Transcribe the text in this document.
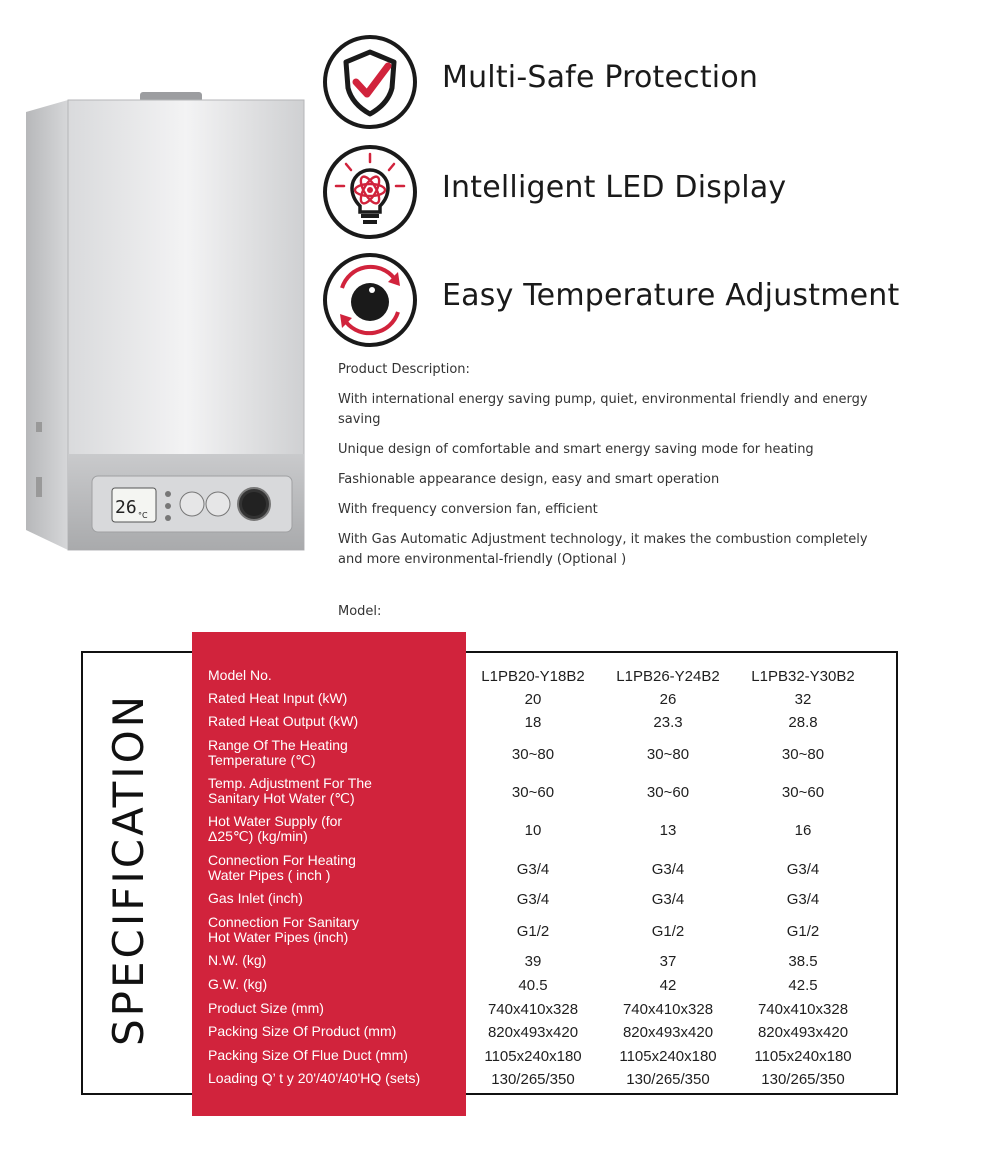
26 °C
Multi-Safe Protection
Intelligent LED Display
Easy Temperature Adjustment

Product Description:

With international energy saving pump, quiet, environmental friendly and energy saving

Unique design of comfortable and smart energy saving mode for heating

Fashionable appearance design, easy and smart operation

With frequency conversion fan, efficient

With Gas Automatic Adjustment technology, it makes the combustion completely and more environmental-friendly (Optional )

Model:

SPECIFICATION
Model No.	L1PB20-Y18B2	L1PB26-Y24B2	L1PB32-Y30B2
Rated Heat Input (kW)	20	26	32
Rated Heat Output (kW)	18	23.3	28.8
Range Of The Heating Temperature (℃)	30~80	30~80	30~80
Temp. Adjustment For The Sanitary Hot Water (℃)	30~60	30~60	30~60
Hot Water Supply (for Δ25℃) (kg/min)	10	13	16
Connection For Heating Water Pipes ( inch )	G3/4	G3/4	G3/4
Gas Inlet (inch)	G3/4	G3/4	G3/4
Connection For Sanitary Hot Water Pipes (inch)	G1/2	G1/2	G1/2
N.W. (kg)	39	37	38.5
G.W. (kg)	40.5	42	42.5
Product Size (mm)	740x410x328	740x410x328	740x410x328
Packing Size Of Product (mm)	820x493x420	820x493x420	820x493x420
Packing Size Of Flue Duct (mm)	1105x240x180	1105x240x180	1105x240x180
Loading Q’ t y 20'/40'/40'HQ (sets)	130/265/350	130/265/350	130/265/350
